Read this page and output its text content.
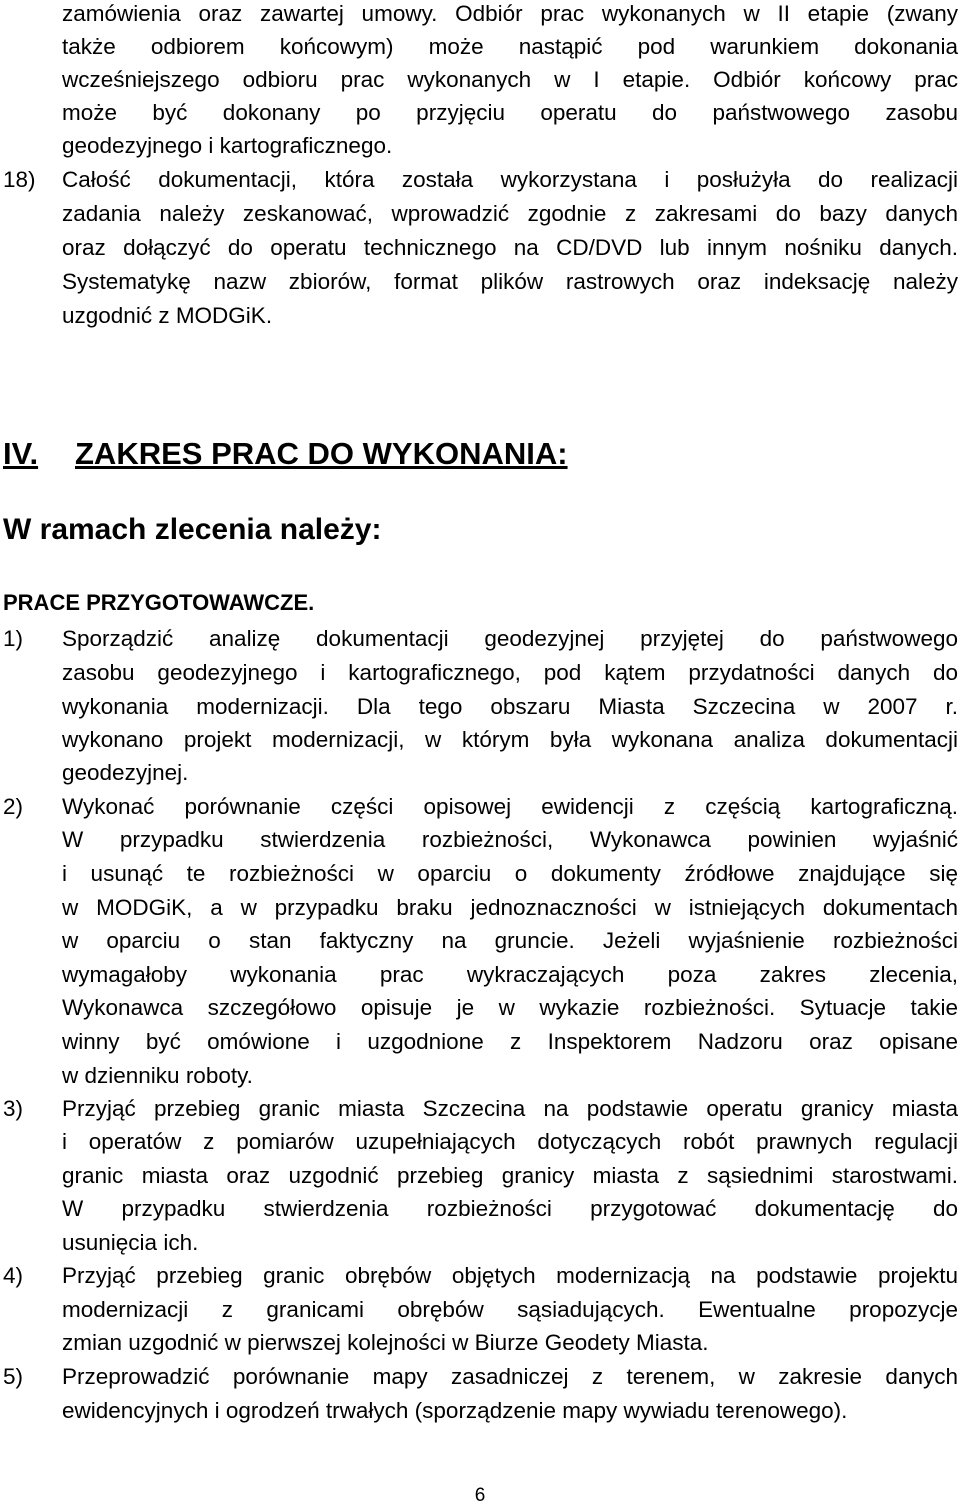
zamówienia oraz zawartej umowy. Odbiór prac wykonanych w II etapie (zwany
także odbiorem końcowym) może nastąpić pod warunkiem dokonania
wcześniejszego odbioru prac wykonanych w I etapie. Odbiór końcowy prac
może być dokonany po przyjęciu operatu do państwowego zasobu
geodezyjnego i kartograficznego.
18)	Całość dokumentacji, która została wykorzystana i posłużyła do realizacji
zadania należy zeskanować, wprowadzić zgodnie z zakresami do bazy danych
oraz dołączyć do operatu technicznego na CD/DVD lub innym nośniku danych.
Systematykę nazw zbiorów, format plików rastrowych oraz indeksację należy
uzgodnić z MODGiK.
IV. ZAKRES PRAC DO WYKONANIA:
W ramach zlecenia należy:
PRACE PRZYGOTOWAWCZE.
1)	Sporządzić analizę dokumentacji geodezyjnej przyjętej do państwowego
zasobu geodezyjnego i kartograficznego, pod kątem przydatności danych do
wykonania modernizacji. Dla tego obszaru Miasta Szczecina w 2007 r.
wykonano projekt modernizacji, w którym była wykonana analiza dokumentacji
geodezyjnej.
2)	Wykonać porównanie części opisowej ewidencji z częścią kartograficzną.
W przypadku stwierdzenia rozbieżności, Wykonawca powinien wyjaśnić
i usunąć te rozbieżności w oparciu o dokumenty źródłowe znajdujące się
w MODGiK, a w przypadku braku jednoznaczności w istniejących dokumentach
w oparciu o stan faktyczny na gruncie. Jeżeli wyjaśnienie rozbieżności
wymagałoby wykonania prac wykraczających poza zakres zlecenia,
Wykonawca szczegółowo opisuje je w wykazie rozbieżności. Sytuacje takie
winny być omówione i uzgodnione z Inspektorem Nadzoru oraz opisane
w dzienniku roboty.
3)	Przyjąć przebieg granic miasta Szczecina na podstawie operatu granicy miasta
i operatów z pomiarów uzupełniających dotyczących robót prawnych regulacji
granic miasta oraz uzgodnić przebieg granicy miasta z sąsiednimi starostwami.
W przypadku stwierdzenia rozbieżności przygotować dokumentację do
usunięcia ich.
4)	Przyjąć przebieg granic obrębów objętych modernizacją na podstawie projektu
modernizacji z granicami obrębów sąsiadujących. Ewentualne propozycje
zmian uzgodnić w pierwszej kolejności w Biurze Geodety Miasta.
5)	Przeprowadzić porównanie mapy zasadniczej z terenem, w zakresie danych
ewidencyjnych i ogrodzeń trwałych (sporządzenie mapy wywiadu terenowego).
6
